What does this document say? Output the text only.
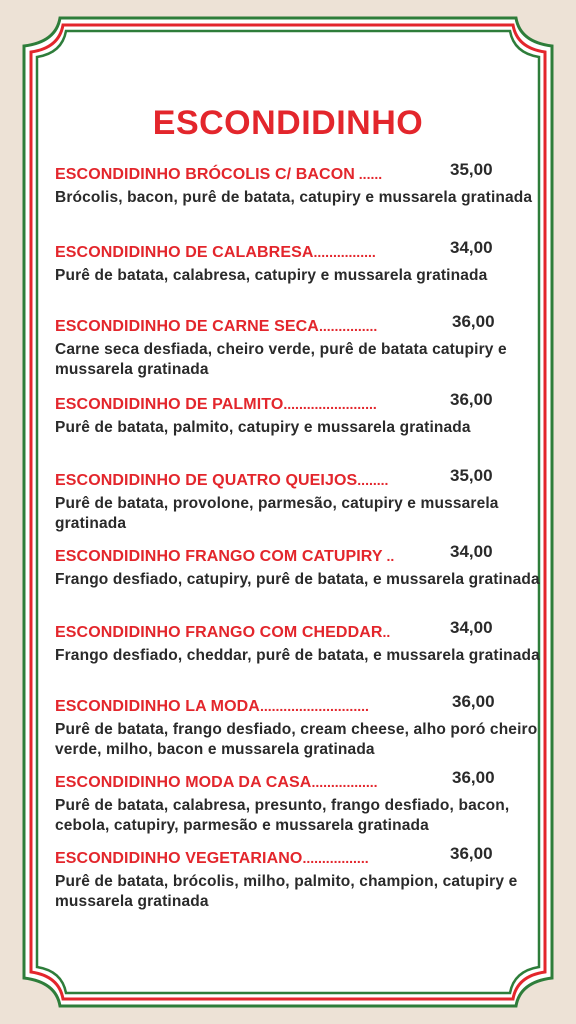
ESCONDIDINHO
ESCONDIDINHO BRÓCOLIS C/ BACON ......	35,00
Brócolis, bacon, purê de batata, catupiry e mussarela gratinada
ESCONDIDINHO DE CALABRESA................	34,00
Purê de batata, calabresa, catupiry e mussarela gratinada
ESCONDIDINHO DE CARNE SECA...............	36,00
Carne seca desfiada, cheiro verde, purê de batata catupiry e mussarela gratinada
ESCONDIDINHO DE PALMITO........................	36,00
Purê de batata, palmito, catupiry e mussarela gratinada
ESCONDIDINHO DE QUATRO QUEIJOS........	35,00
Purê de batata, provolone, parmesão, catupiry e mussarela gratinada
ESCONDIDINHO FRANGO COM CATUPIRY ..	34,00
Frango desfiado, catupiry, purê de batata, e mussarela gratinada
ESCONDIDINHO FRANGO COM CHEDDAR..	34,00
Frango desfiado, cheddar, purê de batata, e mussarela gratinada
ESCONDIDINHO LA MODA............................	36,00
Purê de batata, frango desfiado, cream cheese, alho poró cheiro verde, milho, bacon e mussarela gratinada
ESCONDIDINHO MODA DA CASA.................	36,00
Purê de batata, calabresa, presunto, frango desfiado, bacon, cebola, catupiry, parmesão e mussarela gratinada
ESCONDIDINHO VEGETARIANO.................	36,00
Purê de batata, brócolis, milho, palmito, champion, catupiry e mussarela gratinada
